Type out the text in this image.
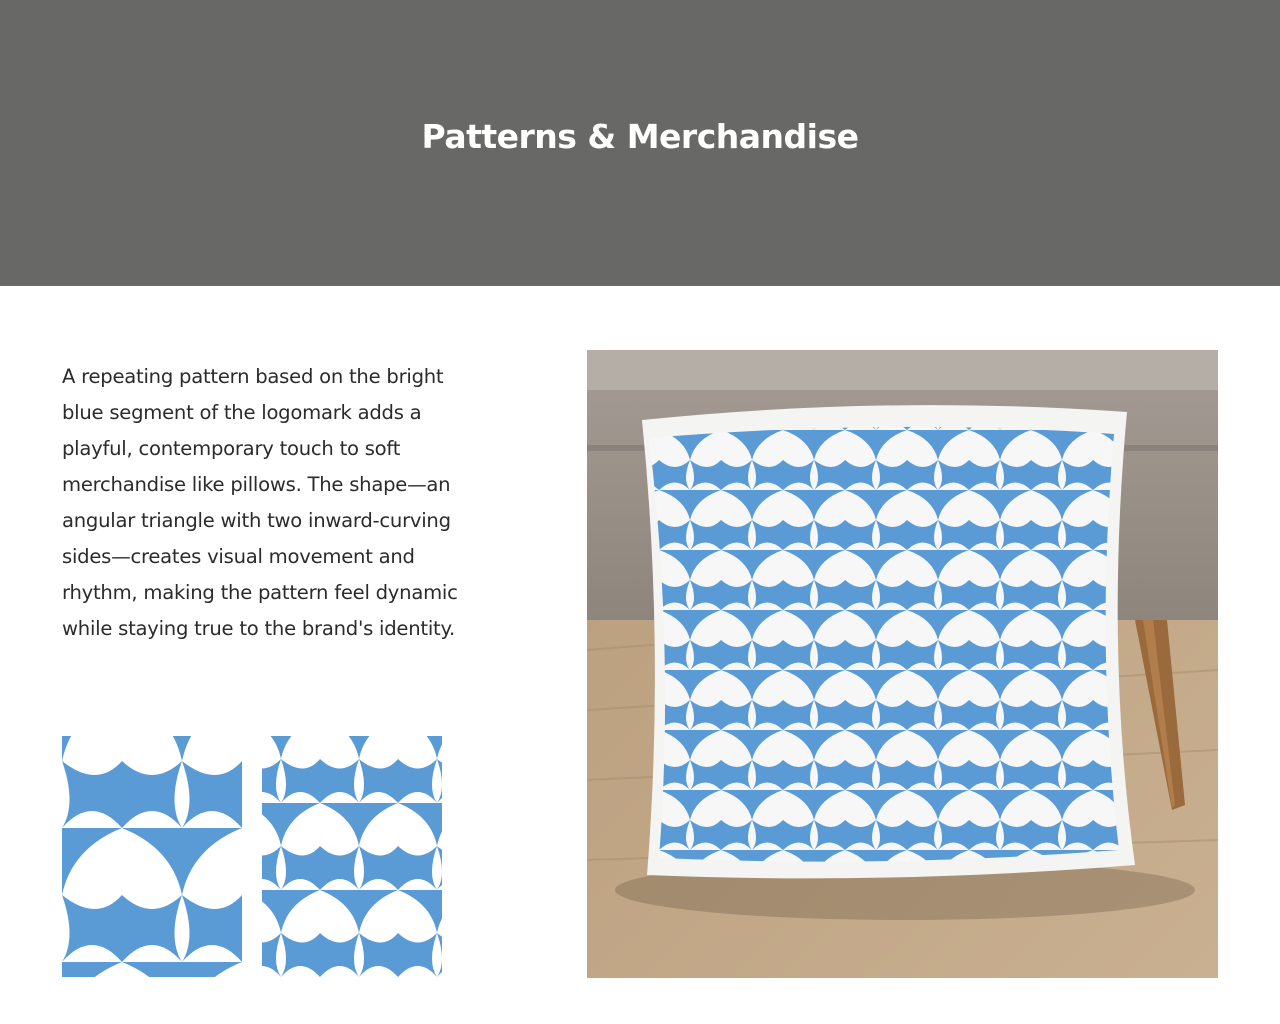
Patterns & Merchandise

A repeating pattern based on the bright blue segment of the logomark adds a playful, contemporary touch to soft merchandise like pillows. The shape—an angular triangle with two inward-curving sides—creates visual movement and rhythm, making the pattern feel dynamic while staying true to the brand's identity.
